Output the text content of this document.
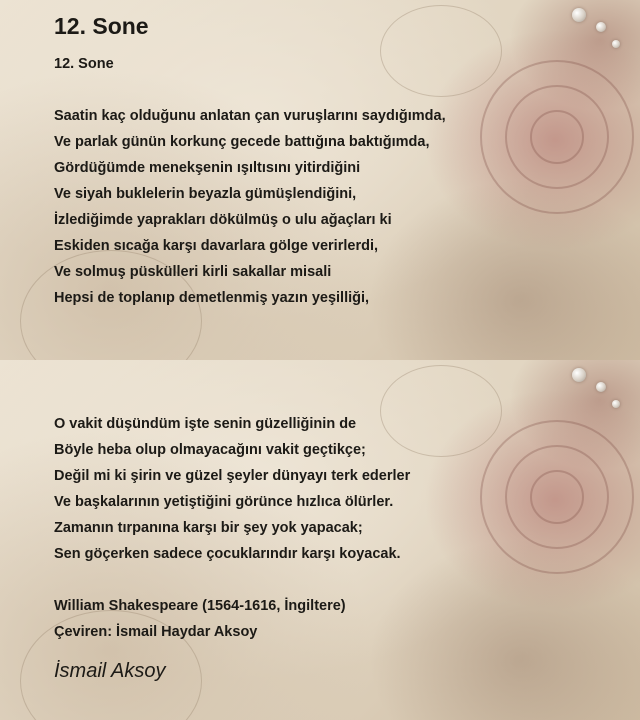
12. Sone
12. Sone
Saatin kaç olduğunu anlatan çan vuruşlarını saydığımda,
Ve parlak günün korkunç gecede battığına baktığımda,
Gördüğümde menekşenin ışıltısını yitirdiğini
Ve siyah buklelerin beyazla gümüşlendiğini,
İzlediğimde yaprakları dökülmüş o ulu ağaçları ki
Eskiden sıcağa karşı davarlara gölge verirlerdi,
Ve solmuş püskülleri kirli sakallar misali
Hepsi de toplanıp demetlenmiş yazın yeşilliği,
O vakit düşündüm işte senin güzelliğinin de
Böyle heba olup olmayacağını vakit geçtikçe;
Değil mi ki şirin ve güzel şeyler dünyayı terk ederler
Ve başkalarının yetiştiğini görünce hızlıca ölürler.
Zamanın tırpanına karşı bir şey yok yapacak;
Sen göçerken sadece çocuklarındır karşı koyacak.
William Shakespeare (1564-1616, İngiltere)
Çeviren: İsmail Haydar Aksoy
İsmail Aksoy
